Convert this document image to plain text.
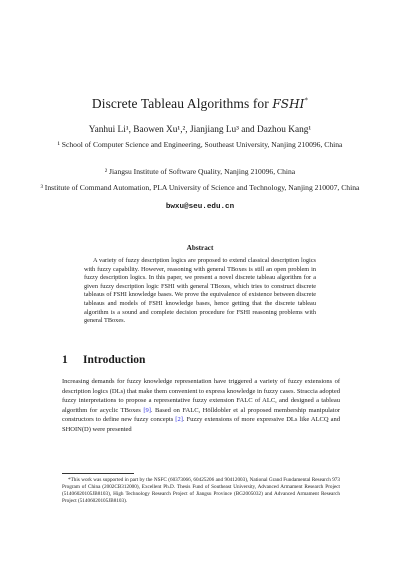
Discrete Tableau Algorithms for FSHI*
Yanhui Li¹, Baowen Xu¹,², Jianjiang Lu³ and Dazhou Kang¹
¹ School of Computer Science and Engineering, Southeast University, Nanjing 210096, China
² Jiangsu Institute of Software Quality, Nanjing 210096, China
³ Institute of Command Automation, PLA University of Science and Technology, Nanjing 210007, China
bwxu@seu.edu.cn
Abstract
A variety of fuzzy description logics are proposed to extend classical description logics with fuzzy capability. However, reasoning with general TBoxes is still an open problem in fuzzy description logics. In this paper, we present a novel discrete tableau algorithm for a given fuzzy description logic FSHI with general TBoxes, which tries to construct discrete tableaus of FSHI knowledge bases. We prove the equivalence of existence between discrete tableaus and models of FSHI knowledge bases, hence getting that the discrete tableau algorithm is a sound and complete decision procedure for FSHI reasoning problems with general TBoxes.
1 Introduction
Increasing demands for fuzzy knowledge representation have triggered a variety of fuzzy extensions of description logics (DLs) that make them convenient to express knowledge in fuzzy cases. Straccia adopted fuzzy interpretations to propose a representative fuzzy extension FALC of ALC, and designed a tableau algorithm for acyclic TBoxes [9]. Based on FALC, Hölldobler et al proposed membership manipulator constructors to define new fuzzy concepts [2]. Fuzzy extensions of more expressive DLs like ALCQ and SHOIN(D) were presented
*This work was supported in part by the NSFC (60373066, 60425206 and 90412003), National Grand Fundamental Research 973 Program of China (2002CB312000), Excellent Ph.D. Thesis Fund of Southeast University, Advanced Armament Research Project (51406020105JB8103), High Technology Research Project of Jiangsu Province (BG2005032) and Advanced Armament Research Project (51406020105JB8103).
